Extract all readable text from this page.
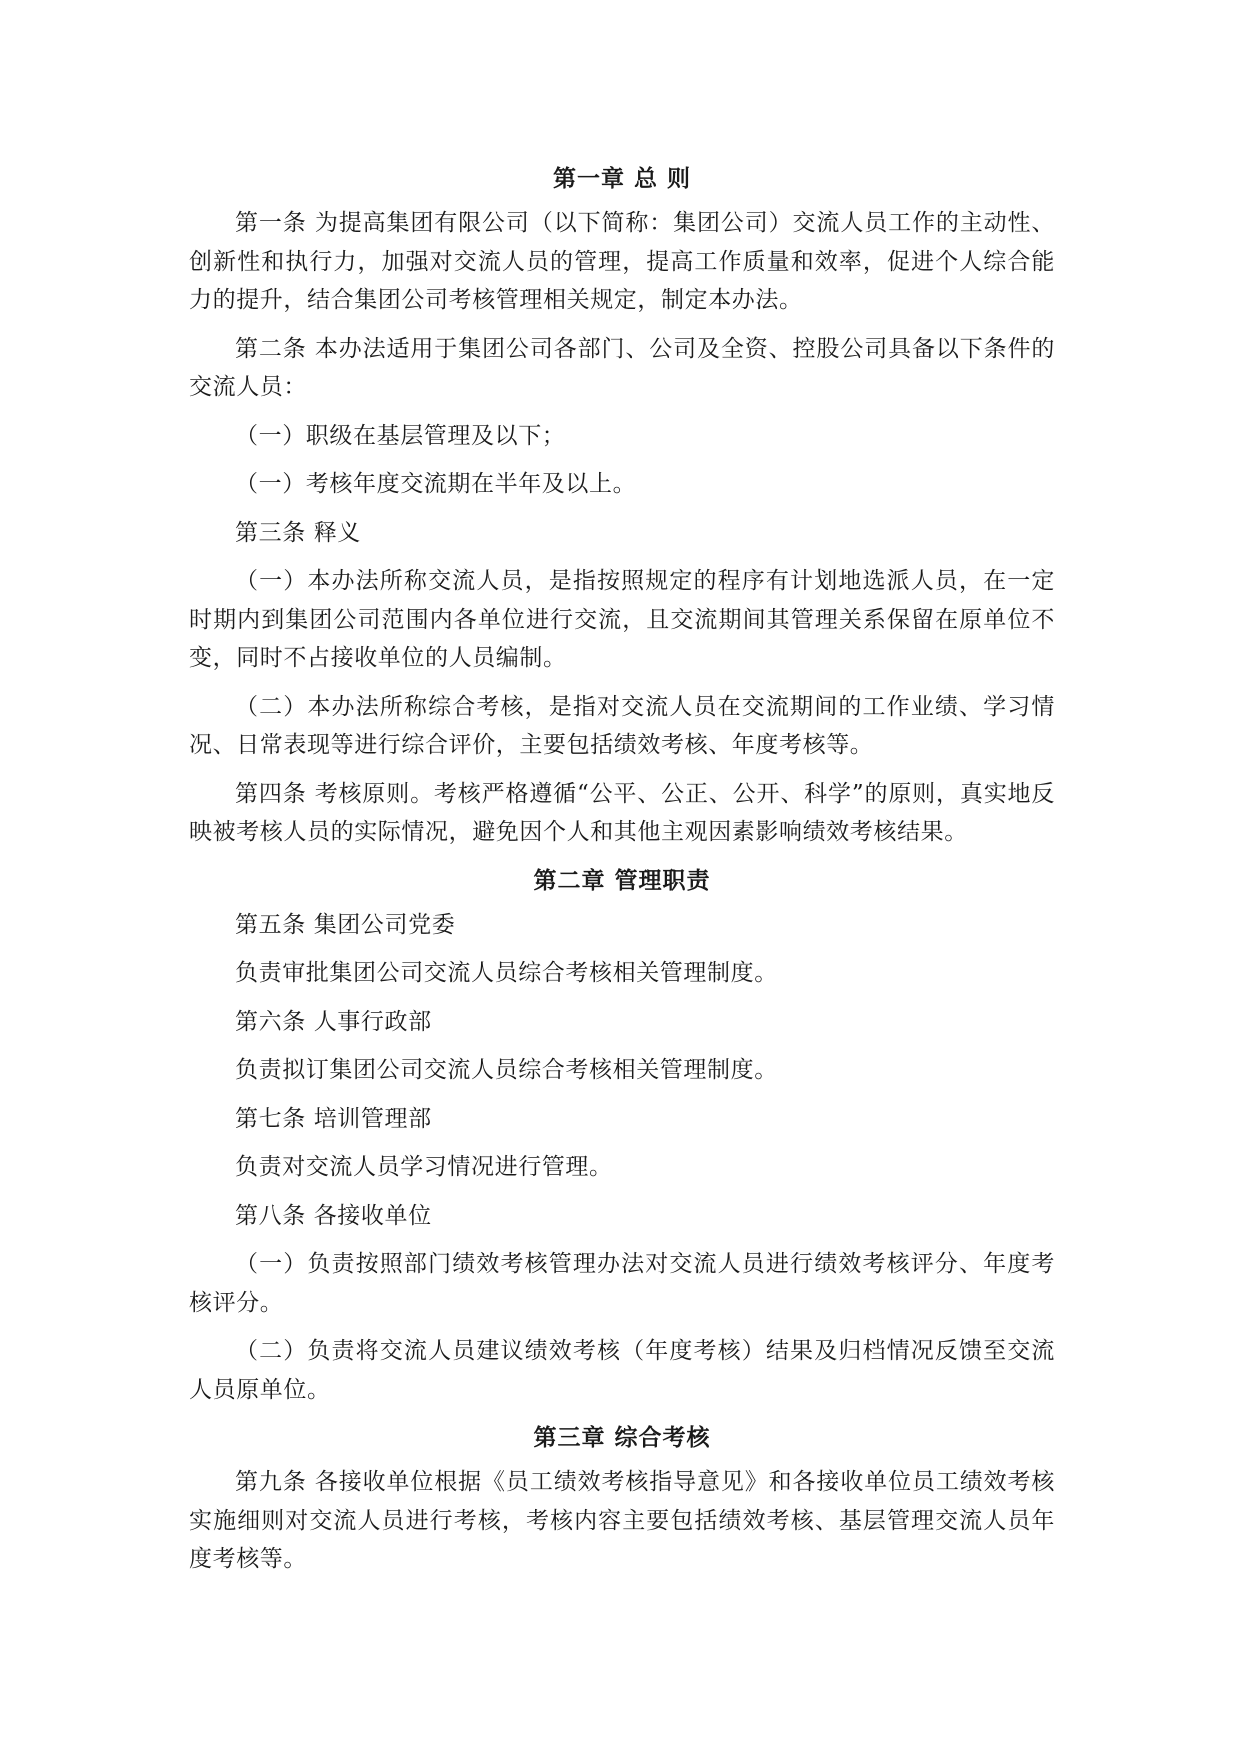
第一章 总 则

第一条 为提高集团有限公司（以下简称：集团公司）交流人员工作的主动性、创新性和执行力，加强对交流人员的管理，提高工作质量和效率，促进个人综合能力的提升，结合集团公司考核管理相关规定，制定本办法。

第二条 本办法适用于集团公司各部门、公司及全资、控股公司具备以下条件的交流人员：

（一）职级在基层管理及以下；

（一）考核年度交流期在半年及以上。

第三条 释义

（一）本办法所称交流人员，是指按照规定的程序有计划地选派人员，在一定时期内到集团公司范围内各单位进行交流，且交流期间其管理关系保留在原单位不变，同时不占接收单位的人员编制。

（二）本办法所称综合考核，是指对交流人员在交流期间的工作业绩、学习情况、日常表现等进行综合评价，主要包括绩效考核、年度考核等。

第四条 考核原则。考核严格遵循“公平、公正、公开、科学”的原则，真实地反映被考核人员的实际情况，避免因个人和其他主观因素影响绩效考核结果。

第二章 管理职责

第五条 集团公司党委

负责审批集团公司交流人员综合考核相关管理制度。

第六条 人事行政部

负责拟订集团公司交流人员综合考核相关管理制度。

第七条 培训管理部

负责对交流人员学习情况进行管理。

第八条 各接收单位

（一）负责按照部门绩效考核管理办法对交流人员进行绩效考核评分、年度考核评分。

（二）负责将交流人员建议绩效考核（年度考核）结果及归档情况反馈至交流人员原单位。

第三章 综合考核

第九条 各接收单位根据《员工绩效考核指导意见》和各接收单位员工绩效考核实施细则对交流人员进行考核，考核内容主要包括绩效考核、基层管理交流人员年度考核等。
